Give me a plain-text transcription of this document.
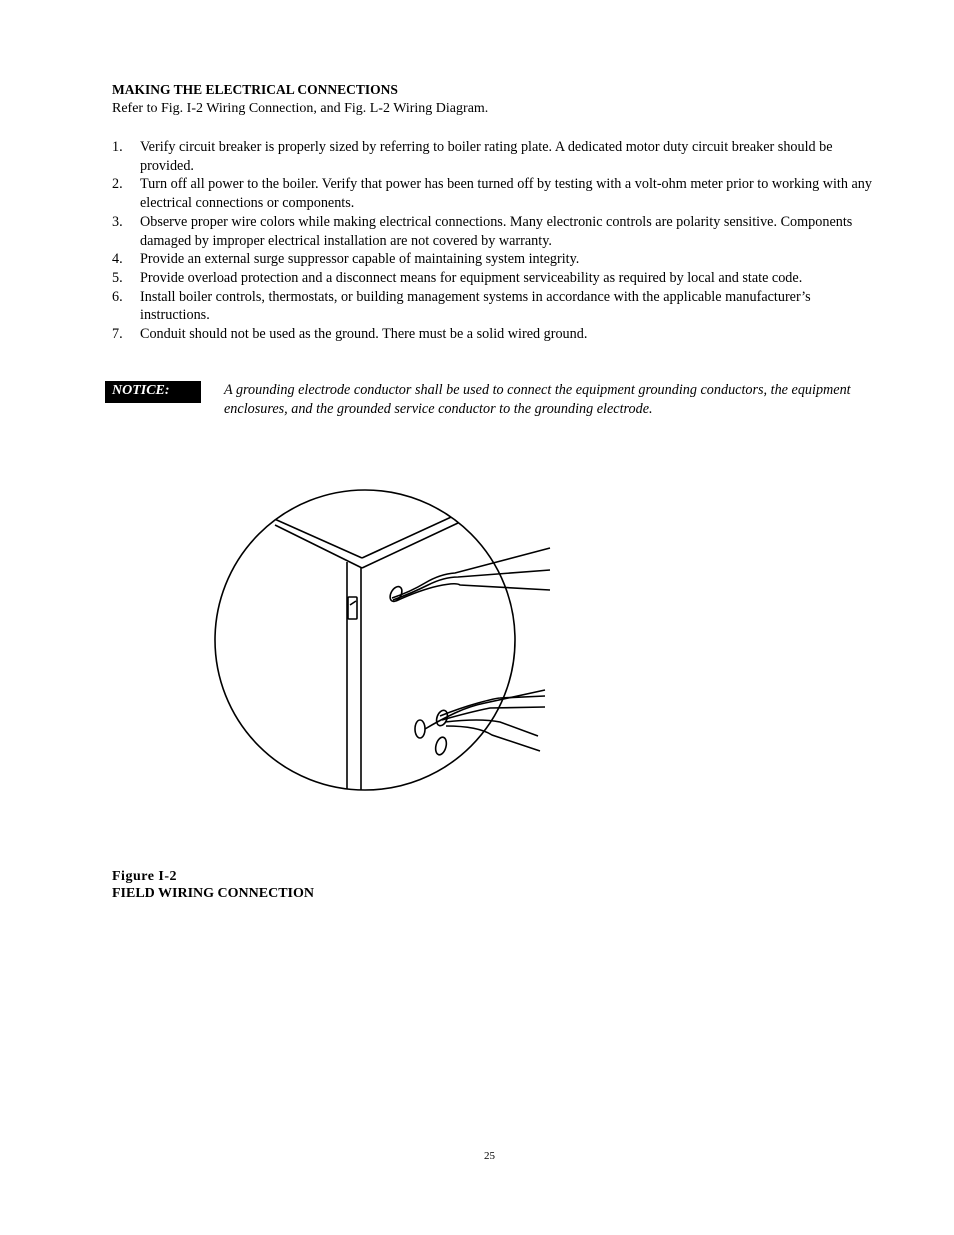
MAKING THE ELECTRICAL CONNECTIONS
Refer to Fig. I-2 Wiring Connection, and Fig. L-2 Wiring Diagram.
1. Verify circuit breaker is properly sized by referring to boiler rating plate. A dedicated motor duty circuit breaker should be provided.
2. Turn off all power to the boiler. Verify that power has been turned off by testing with a volt-ohm meter prior to working with any electrical connections or components.
3. Observe proper wire colors while making electrical connections. Many electronic controls are polarity sensitive. Components damaged by improper electrical installation are not covered by warranty.
4. Provide an external surge suppressor capable of maintaining system integrity.
5. Provide overload protection and a disconnect means for equipment serviceability as required by local and state code.
6. Install boiler controls, thermostats, or building management systems in accordance with the applicable manufacturer’s instructions.
7. Conduit should not be used as the ground. There must be a solid wired ground.
NOTICE:	A grounding electrode conductor shall be used to connect the equipment grounding conductors, the equipment enclosures, and the grounded service conductor to the grounding electrode.
Figure I-2
FIELD WIRING CONNECTION
25
